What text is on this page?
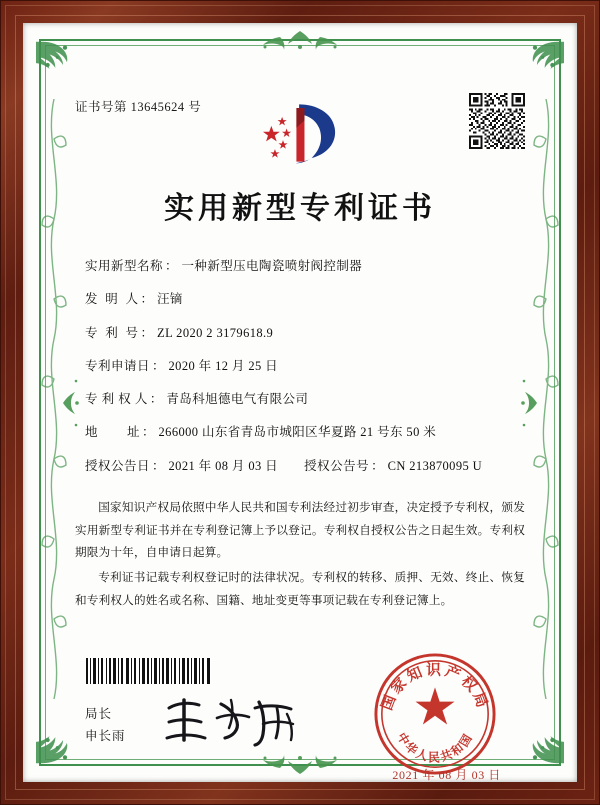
证书号第 13645624 号
实用新型专利证书
实用新型名称 ： 一种新型压电陶瓷喷射阀控制器
发  明  人 ： 汪镝
专  利  号 ： ZL 2020 2 3179618.9
专利申请日 ： 2020 年 12 月 25 日
专 利 权 人 ： 青岛科旭德电气有限公司
地        址 ： 266000 山东省青岛市城阳区华夏路 21 号东 50 米
授权公告日 ： 2021 年 08 月 03 日 授权公告号 ： CN 213870095 U

国家知识产权局依照中华人民共和国专利法经过初步审查，决定授予专利权，颁发实用新型专利证书并在专利登记簿上予以登记。专利权自授权公告之日起生效。专利权期限为十年，自申请日起算。

专利证书记载专利权登记时的法律状况。专利权的转移、质押、无效、终止、恢复和专利权人的姓名或名称、国籍、地址变更等事项记载在专利登记簿上。

局长
申长雨
国家知识产权局
中华人民共和国
2021 年 08 月 03 日
